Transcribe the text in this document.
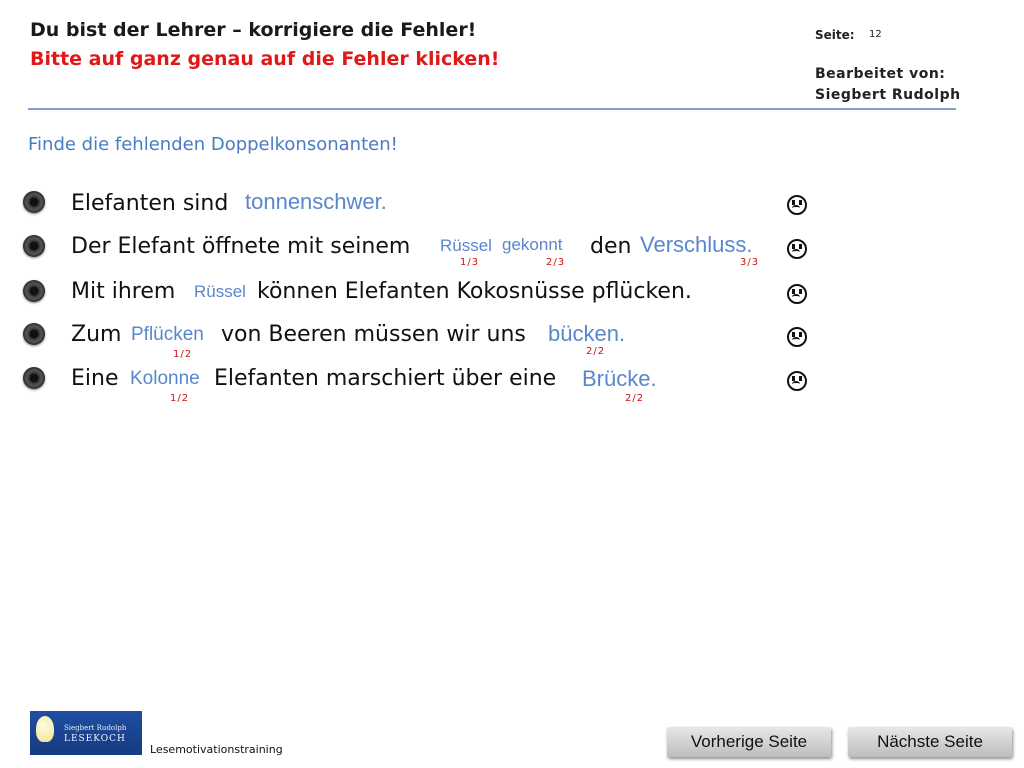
Du bist der Lehrer – korrigiere die Fehler!
Bitte auf ganz genau auf die Fehler klicken!
Seite: 12
Bearbeitet von:
Siegbert Rudolph
Finde die fehlenden Doppelkonsonanten!
Elefanten sind tonnenschwer.
Der Elefant öffnete mit seinem Rüssel gekonnt den Verschluss.
1/3	2/3	3/3
Mit ihrem Rüssel können Elefanten Kokosnüsse pflücken.
Zum Pflücken von Beeren müssen wir uns bücken.
1/2	2/2
Eine Kolonne Elefanten marschiert über eine Brücke.
1/2	2/2
Siegbert Rudolph
LESEKOCH
Lesemotivationstraining	Vorherige Seite	Nächste Seite
